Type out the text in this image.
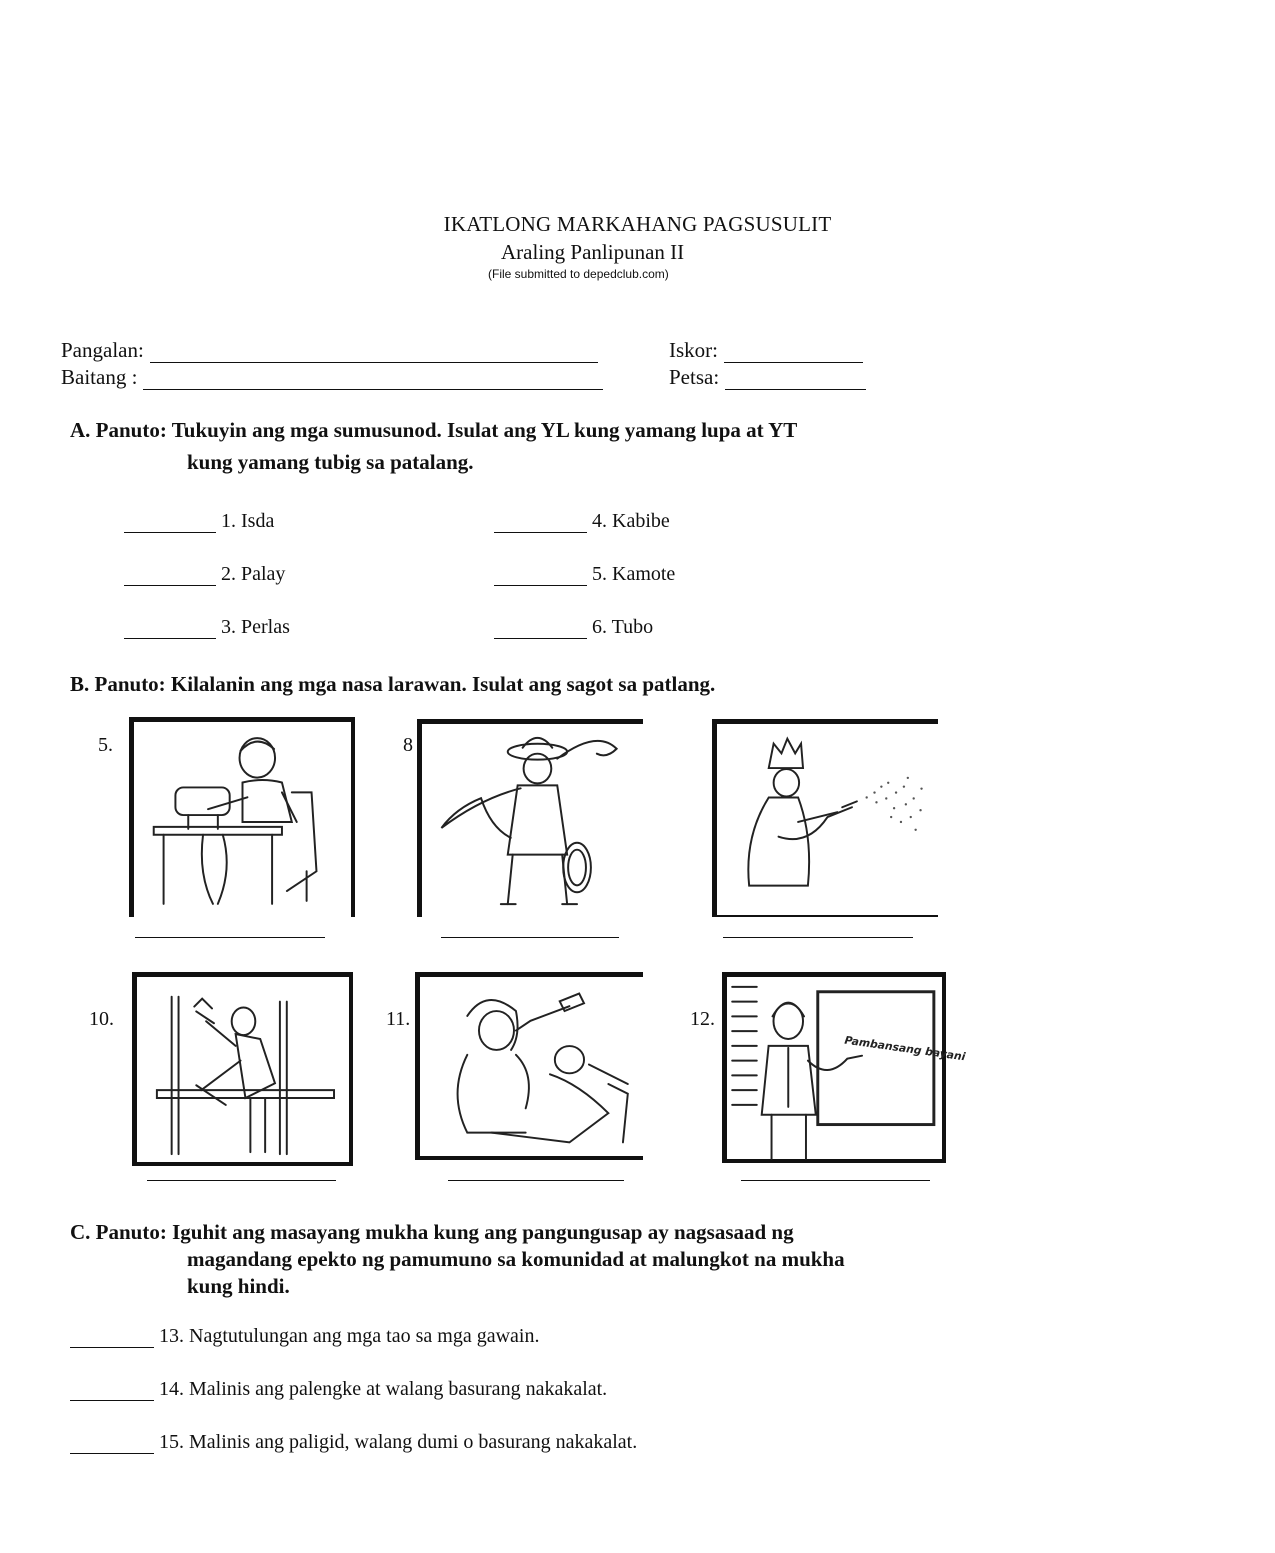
IKATLONG MARKAHANG PAGSUSULIT
Araling Panlipunan II
(File submitted to depedclub.com)
Pangalan:
Baitang :
Iskor:
Petsa:
A. Panuto: Tukuyin ang mga sumusunod. Isulat ang YL kung yamang lupa at YT
kung yamang tubig sa patalang.
1. Isda
2. Palay
3. Perlas
4. Kabibe
5. Kamote
6. Tubo
B. Panuto: Kilalanin ang mga nasa larawan. Isulat ang sagot sa patlang.
5.	8
10.	11.	12.
Pambansang bayani
C. Panuto: Iguhit ang masayang mukha kung ang pangungusap ay nagsasaad ng
magandang epekto ng pamumuno sa komunidad at malungkot na mukha
kung hindi.
13. Nagtutulungan ang mga tao sa mga gawain.
14. Malinis ang palengke at walang basurang nakakalat.
15. Malinis ang paligid, walang dumi o basurang nakakalat.
